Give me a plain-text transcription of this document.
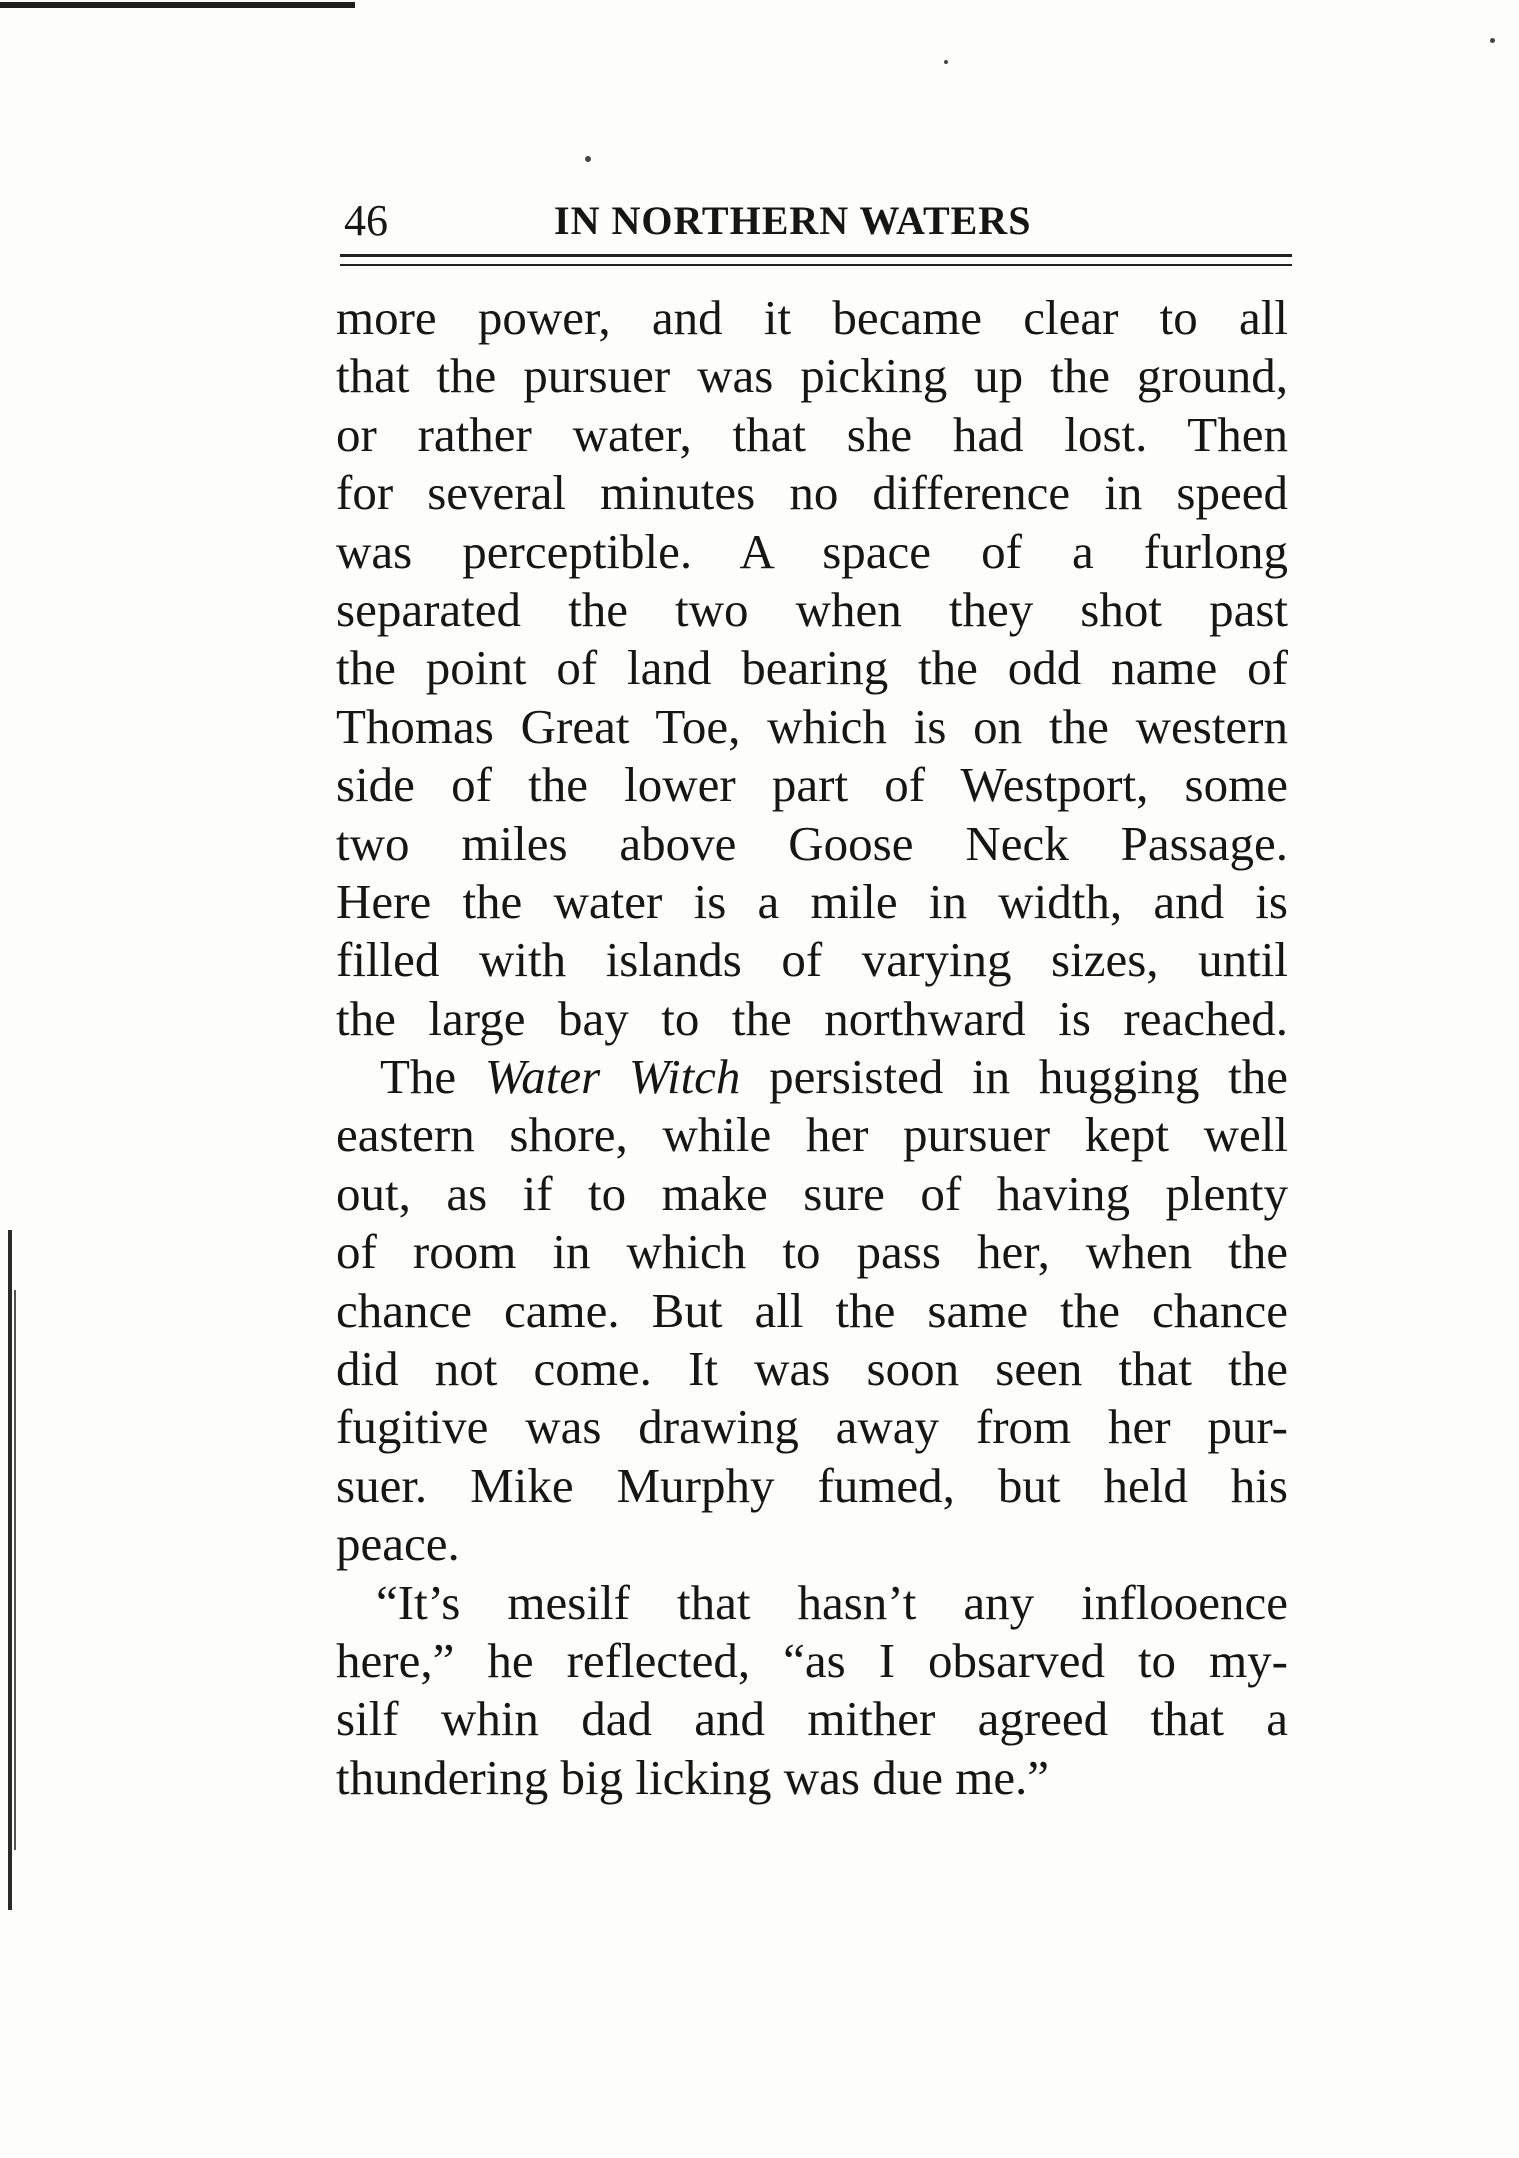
46	IN NORTHERN WATERS
more power, and it became clear to all
that the pursuer was picking up the ground,
or rather water, that she had lost. Then
for several minutes no difference in speed
was perceptible. A space of a furlong
separated the two when they shot past
the point of land bearing the odd name of
Thomas Great Toe, which is on the western
side of the lower part of Westport, some
two miles above Goose Neck Passage.
Here the water is a mile in width, and is
filled with islands of varying sizes, until
the large bay to the northward is reached.
The Water Witch persisted in hugging the
eastern shore, while her pursuer kept well
out, as if to make sure of having plenty
of room in which to pass her, when the
chance came. But all the same the chance
did not come. It was soon seen that the
fugitive was drawing away from her pur-
suer. Mike Murphy fumed, but held his
peace.
“It’s mesilf that hasn’t any inflooence
here,” he reflected, “as I obsarved to my-
silf whin dad and mither agreed that a
thundering big licking was due me.”
